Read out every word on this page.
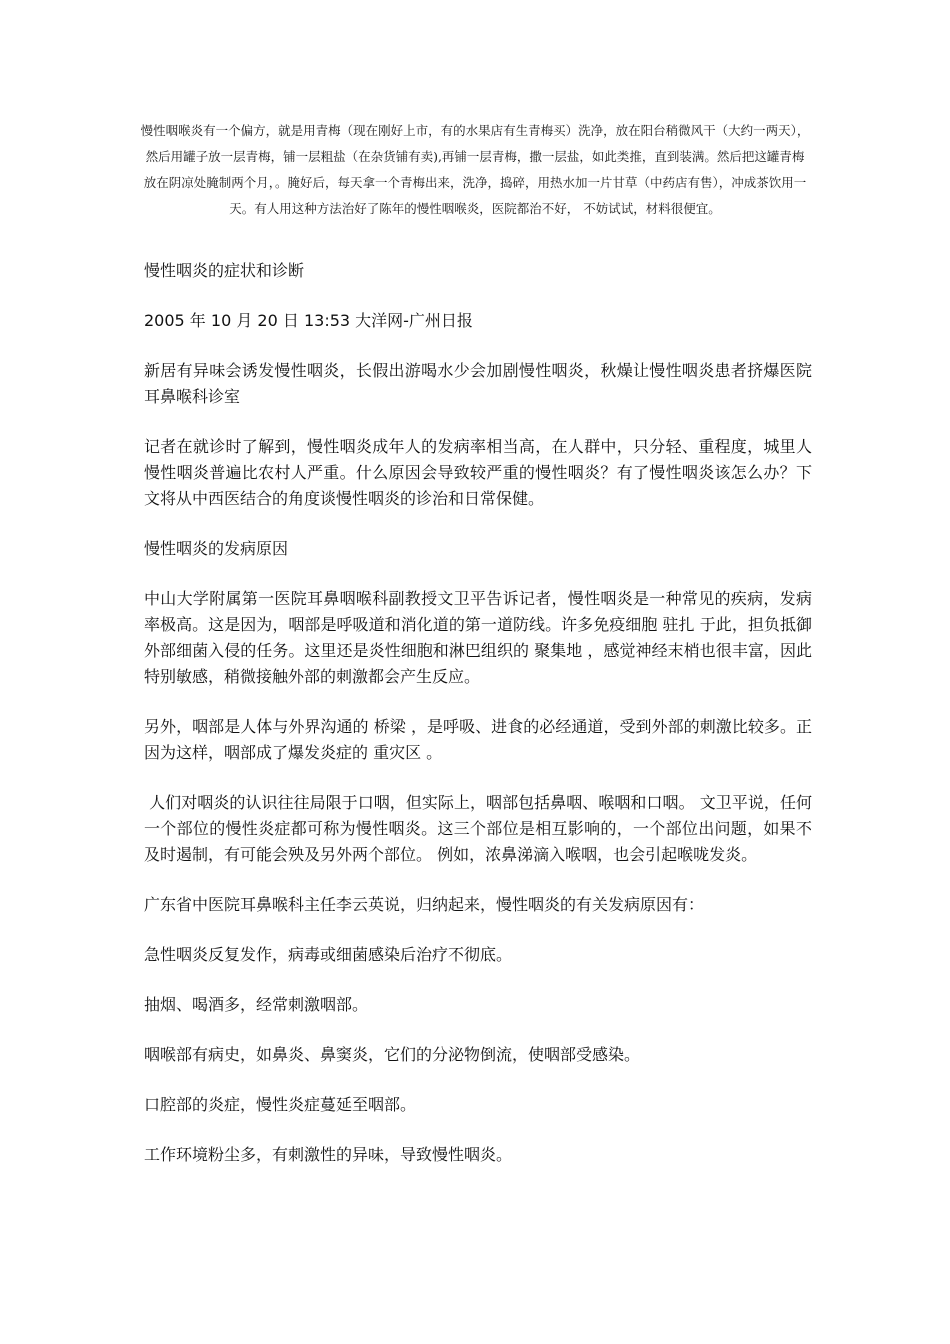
慢性咽喉炎有一个偏方，就是用青梅（现在刚好上市，有的水果店有生青梅买）洗净，放在阳台稍微风干（大约一两天），然后用罐子放一层青梅，铺一层粗盐（在杂货铺有卖),再铺一层青梅，撒一层盐，如此类推，直到装满。然后把这罐青梅放在阴凉处腌制两个月，。腌好后，每天拿一个青梅出来，洗净，捣碎，用热水加一片甘草（中药店有售），冲成茶饮用一天。有人用这种方法治好了陈年的慢性咽喉炎，医院都治不好， 不妨试试，材料很便宜。

慢性咽炎的症状和诊断

2005 年 10 月 20 日 13:53 大洋网-广州日报

新居有异味会诱发慢性咽炎，长假出游喝水少会加剧慢性咽炎，秋燥让慢性咽炎患者挤爆医院耳鼻喉科诊室

记者在就诊时了解到，慢性咽炎成年人的发病率相当高，在人群中，只分轻、重程度，城里人慢性咽炎普遍比农村人严重。什么原因会导致较严重的慢性咽炎？有了慢性咽炎该怎么办？下文将从中西医结合的角度谈慢性咽炎的诊治和日常保健。

慢性咽炎的发病原因

中山大学附属第一医院耳鼻咽喉科副教授文卫平告诉记者，慢性咽炎是一种常见的疾病，发病率极高。这是因为，咽部是呼吸道和消化道的第一道防线。许多免疫细胞 驻扎 于此，担负抵御外部细菌入侵的任务。这里还是炎性细胞和淋巴组织的 聚集地 ，感觉神经末梢也很丰富，因此特别敏感，稍微接触外部的刺激都会产生反应。

另外，咽部是人体与外界沟通的 桥梁 ，是呼吸、进食的必经通道，受到外部的刺激比较多。正因为这样，咽部成了爆发炎症的 重灾区 。

人们对咽炎的认识往往局限于口咽，但实际上，咽部包括鼻咽、喉咽和口咽。 文卫平说，任何一个部位的慢性炎症都可称为慢性咽炎。这三个部位是相互影响的，一个部位出问题，如果不及时遏制，有可能会殃及另外两个部位。 例如，浓鼻涕滴入喉咽，也会引起喉咙发炎。

广东省中医院耳鼻喉科主任李云英说，归纳起来，慢性咽炎的有关发病原因有：

急性咽炎反复发作，病毒或细菌感染后治疗不彻底。

抽烟、喝酒多，经常刺激咽部。

咽喉部有病史，如鼻炎、鼻窦炎，它们的分泌物倒流，使咽部受感染。

口腔部的炎症，慢性炎症蔓延至咽部。

工作环境粉尘多，有刺激性的异味，导致慢性咽炎。
